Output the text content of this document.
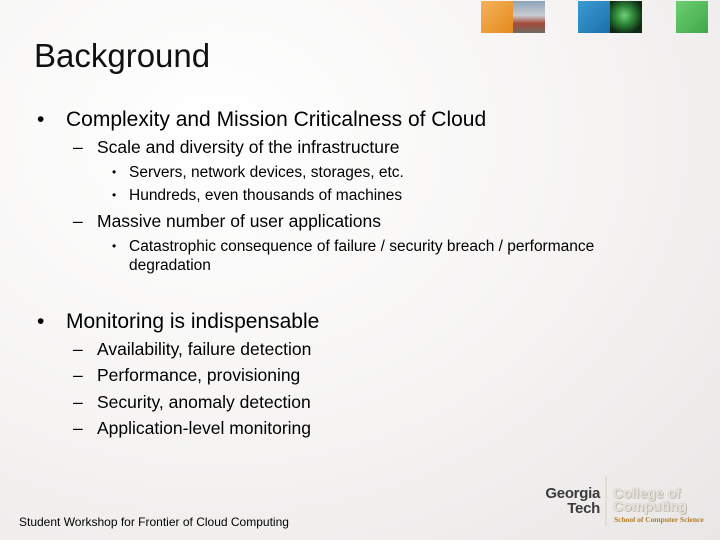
Background
• Complexity and Mission Criticalness of Cloud
– Scale and diversity of the infrastructure
• Servers, network devices, storages, etc.
• Hundreds, even thousands of machines
– Massive number of user applications
• Catastrophic consequence of failure / security breach / performance
degradation
• Monitoring is indispensable
– Availability, failure detection
– Performance, provisioning
– Security, anomaly detection
– Application-level monitoring
Student Workshop for Frontier of Cloud Computing
Georgia
Tech
College of
Computing
School of Computer Science
